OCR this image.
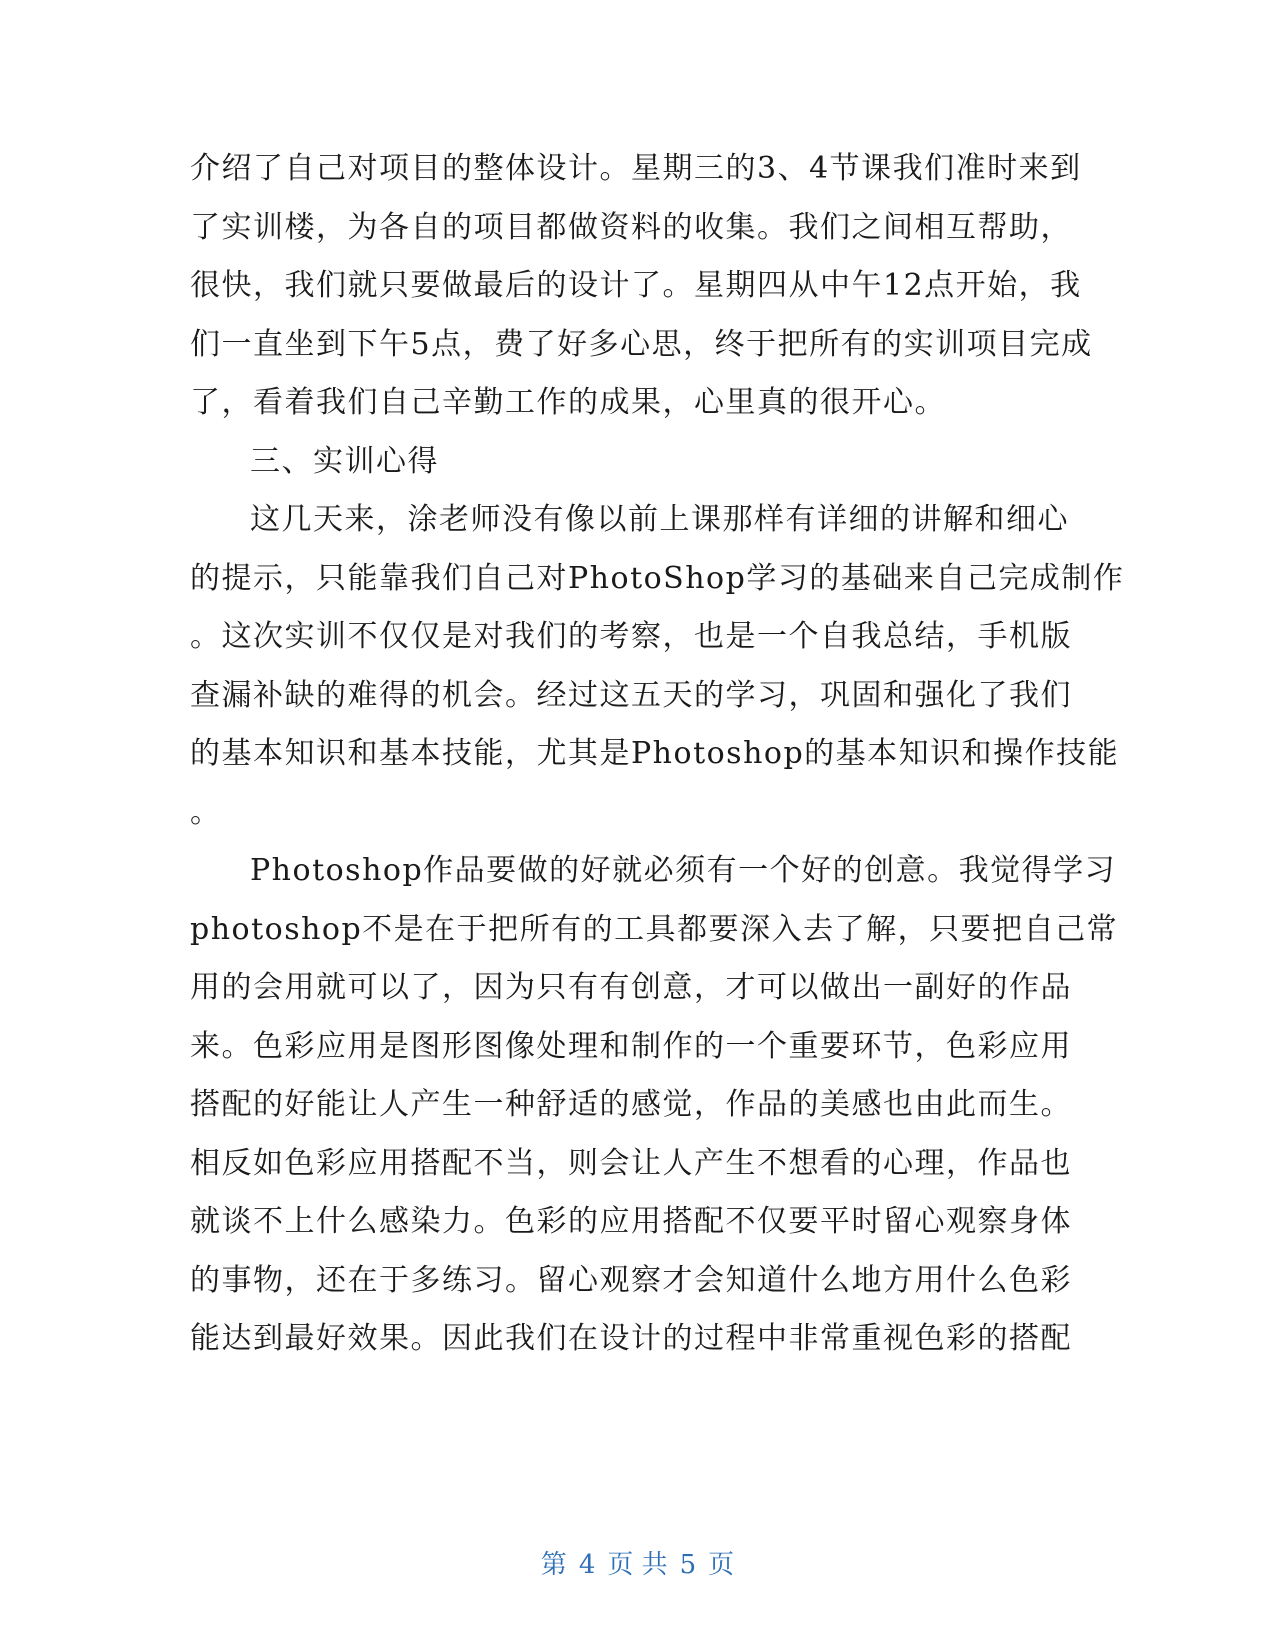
介绍了自己对项目的整体设计。星期三的3、4节课我们准时来到
了实训楼，为各自的项目都做资料的收集。我们之间相互帮助，
很快，我们就只要做最后的设计了。星期四从中午12点开始，我
们一直坐到下午5点，费了好多心思，终于把所有的实训项目完成
了，看着我们自己辛勤工作的成果，心里真的很开心。
三、实训心得
这几天来，涂老师没有像以前上课那样有详细的讲解和细心
的提示，只能靠我们自己对PhotoShop学习的基础来自己完成制作
。这次实训不仅仅是对我们的考察，也是一个自我总结，手机版
查漏补缺的难得的机会。经过这五天的学习，巩固和强化了我们
的基本知识和基本技能，尤其是Photoshop的基本知识和操作技能
。
Photoshop作品要做的好就必须有一个好的创意。我觉得学习
photoshop不是在于把所有的工具都要深入去了解，只要把自己常
用的会用就可以了，因为只有有创意，才可以做出一副好的作品
来。色彩应用是图形图像处理和制作的一个重要环节，色彩应用
搭配的好能让人产生一种舒适的感觉，作品的美感也由此而生。
相反如色彩应用搭配不当，则会让人产生不想看的心理，作品也
就谈不上什么感染力。色彩的应用搭配不仅要平时留心观察身体
的事物，还在于多练习。留心观察才会知道什么地方用什么色彩
能达到最好效果。因此我们在设计的过程中非常重视色彩的搭配
第 4 页 共 5 页
